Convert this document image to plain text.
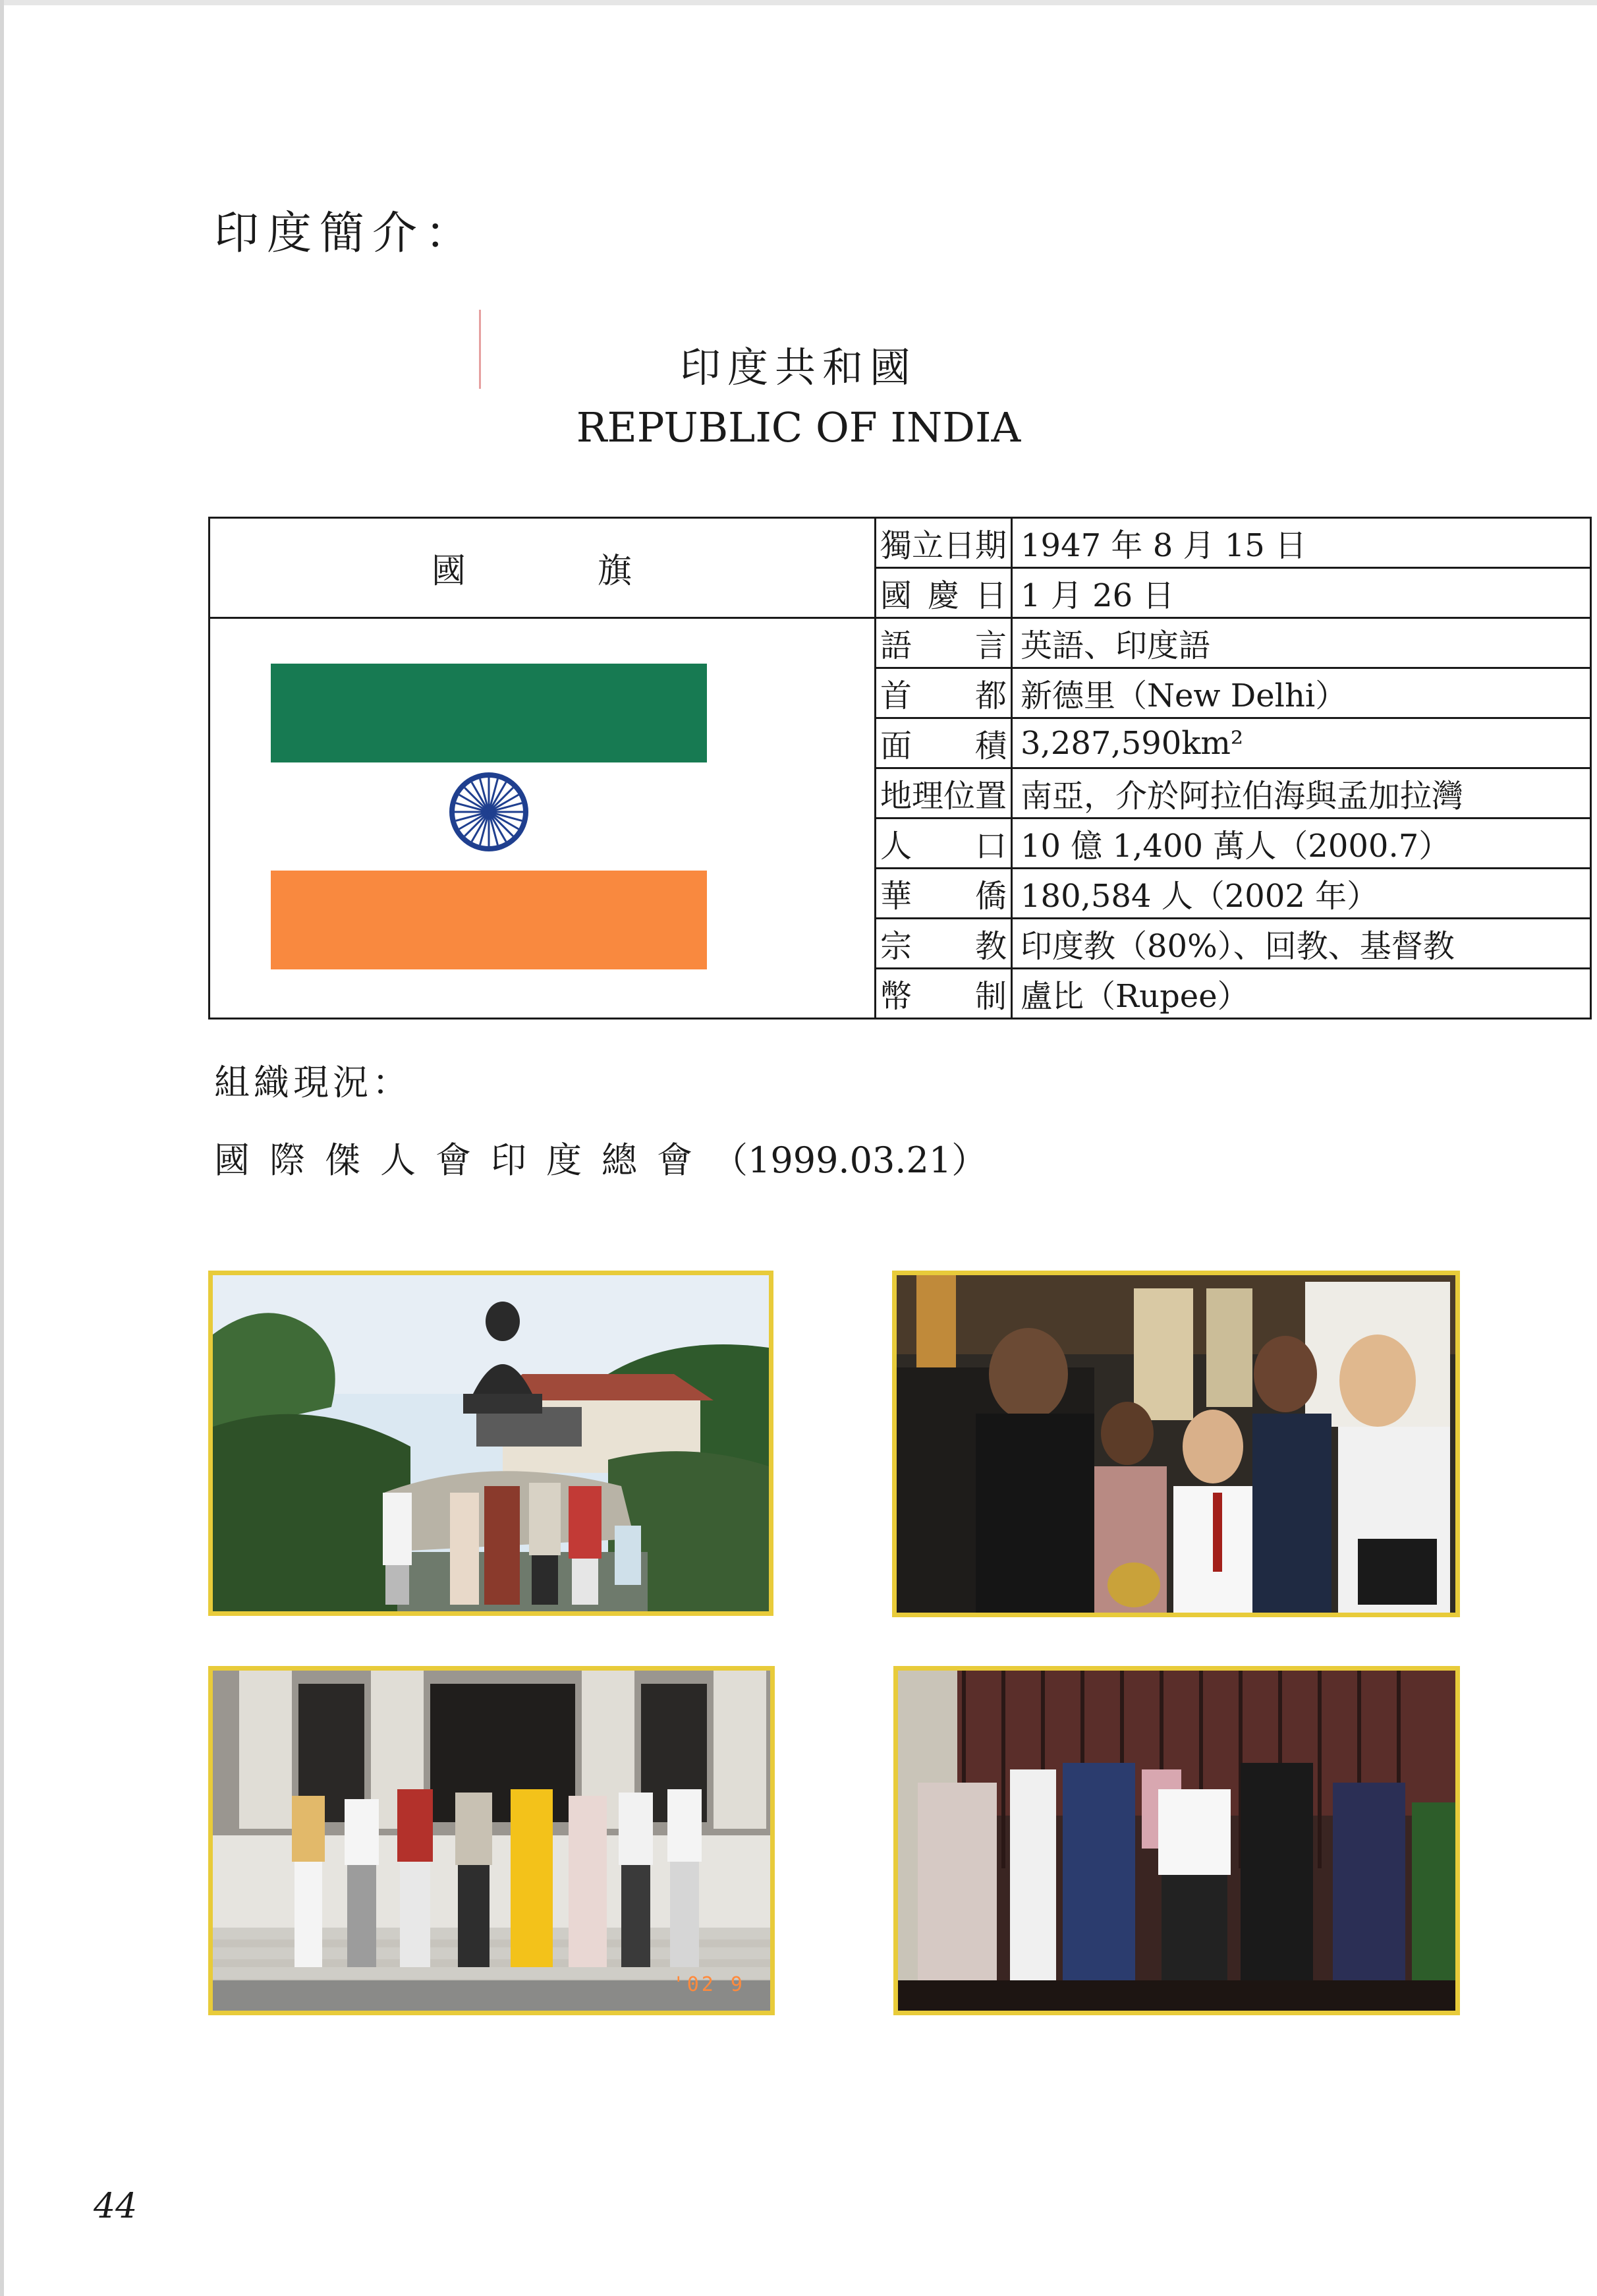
印度簡介：
印度共和國
REPUBLIC OF INDIA
國旗	獨立日期	1947 年 8 月 15 日
	國慶日	1 月 26 日

	語言	英語、印度語
	首都	新德里（New Delhi）
	面積	3,287,590km²
	地理位置	南亞，介於阿拉伯海與孟加拉灣
	人口	10 億 1,400 萬人（2000.7）
	華僑	180,584 人（2002 年）
	宗教	印度教（80%）、回教、基督教
	幣制	盧比（Rupee）
組織現況：
國際傑人會印度總會（1999.03.21）
'02 9
44
